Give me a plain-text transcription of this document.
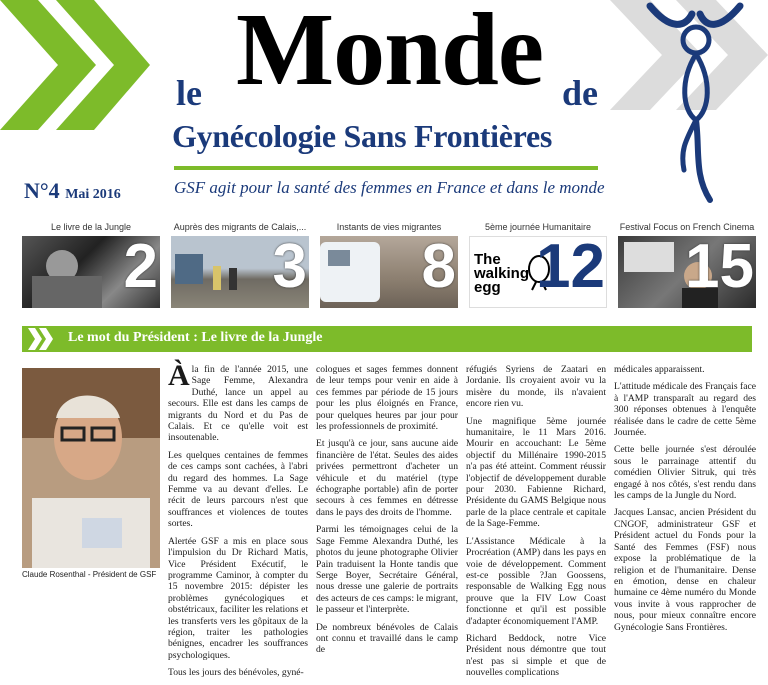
le Monde de
Gynécologie Sans Frontières
N°4 Mai 2016	GSF agit pour la santé des femmes en France et dans le monde
Le livre de la Jungle
2
Auprès des migrants de Calais,...
3
Instants de vies migrantes
8
5ème journée Humanitaire
The walking egg 12
Festival Focus on French Cinema
15
Le mot du Président : Le livre de la Jungle
Claude Rosenthal - Président de GSF

Àla fin de l'année 2015, une Sage Femme, Alexandra Duthé, lance un appel au secours. Elle est dans les camps de migrants du Nord et du Pas de Calais. Et ce qu'elle voit est insoutenable.

Les quelques centaines de femmes de ces camps sont cachées, à l'abri du regard des hommes. La Sage Femme va au devant d'elles. Le récit de leurs parcours n'est que souffrances et violences de toutes sortes.

Alertée GSF a mis en place sous l'impulsion du Dr Richard Matis, Vice Président Exécutif, le programme Caminor, à compter du 15 novembre 2015: dépister les problèmes gynécologiques et obstétricaux, faciliter les relations et les transferts vers les gôpitaux de la région, traiter les pathologies bénignes, encadrer les souffrances psychologiques.

Tous les jours des bénévoles, gyné-

cologues et sages femmes donnent de leur temps pour venir en aide à ces femmes par période de 15 jours pour les plus éloignés en France, pour quelques heures par jour pour les professionnels de proximité.

Et jusqu'à ce jour, sans aucune aide financière de l'état. Seules des aides privées permettront d'acheter un véhicule et du matériel (type échographe portable) afin de porter secours à ces femmes en détresse dans le pays des droits de l'homme.

Parmi les témoignages celui de la Sage Femme Alexandra Duthé, les photos du jeune photographe Olivier Pain traduisent la Honte tandis que Serge Boyer, Secrétaire Général, nous dresse une galerie de portraits des acteurs de ces camps: le migrant, le passeur et l'interprète.

De nombreux bénévoles de Calais ont connu et travaillé dans le camp de

réfugiés Syriens de Zaatari en Jordanie. Ils croyaient avoir vu la misère du monde, ils n'avaient encore rien vu.

Une magnifique 5ème journée humanitaire, le 11 Mars 2016. Mourir en accouchant: Le 5ème objectif du Millénaire 1990-2015 n'a pas été atteint. Comment réussir l'objectif de développement durable pour 2030. Fabienne Richard, Présidente du GAMS Belgique nous parle de la place centrale et capitale de la Sage-Femme.

L'Assistance Médicale à la Procréation (AMP) dans les pays en voie de développement. Comment est-ce possible ?Jan Goossens, responsable de Walking Egg nous prouve que la FIV Low Coast fonctionne et qu'il est possible d'adapter économiquement l'AMP.

Richard Beddock, notre Vice Président nous démontre que tout n'est pas si simple et que de nouvelles complications

médicales apparaissent.

L'attitude médicale des Français face à l'AMP transparaît au regard des 300 réponses obtenues à l'enquête réalisée dans le cadre de cette 5ème Journée.

Cette belle journée s'est déroulée sous le parrainage attentif du comédien Olivier Sitruk, qui très engagé à nos côtés, s'est rendu dans les camps de la Jungle du Nord.

Jacques Lansac, ancien Président du CNGOF, administrateur GSF et Président actuel du Fonds pour la Santé des Femmes (FSF) nous expose la problématique de la religion et de l'humanitaire. Dense en émotion, dense en chaleur humaine ce 4ème numéro du Monde vous invite à vous rapprocher de nous, pour mieux connaître encore Gynécologie Sans Frontières.
